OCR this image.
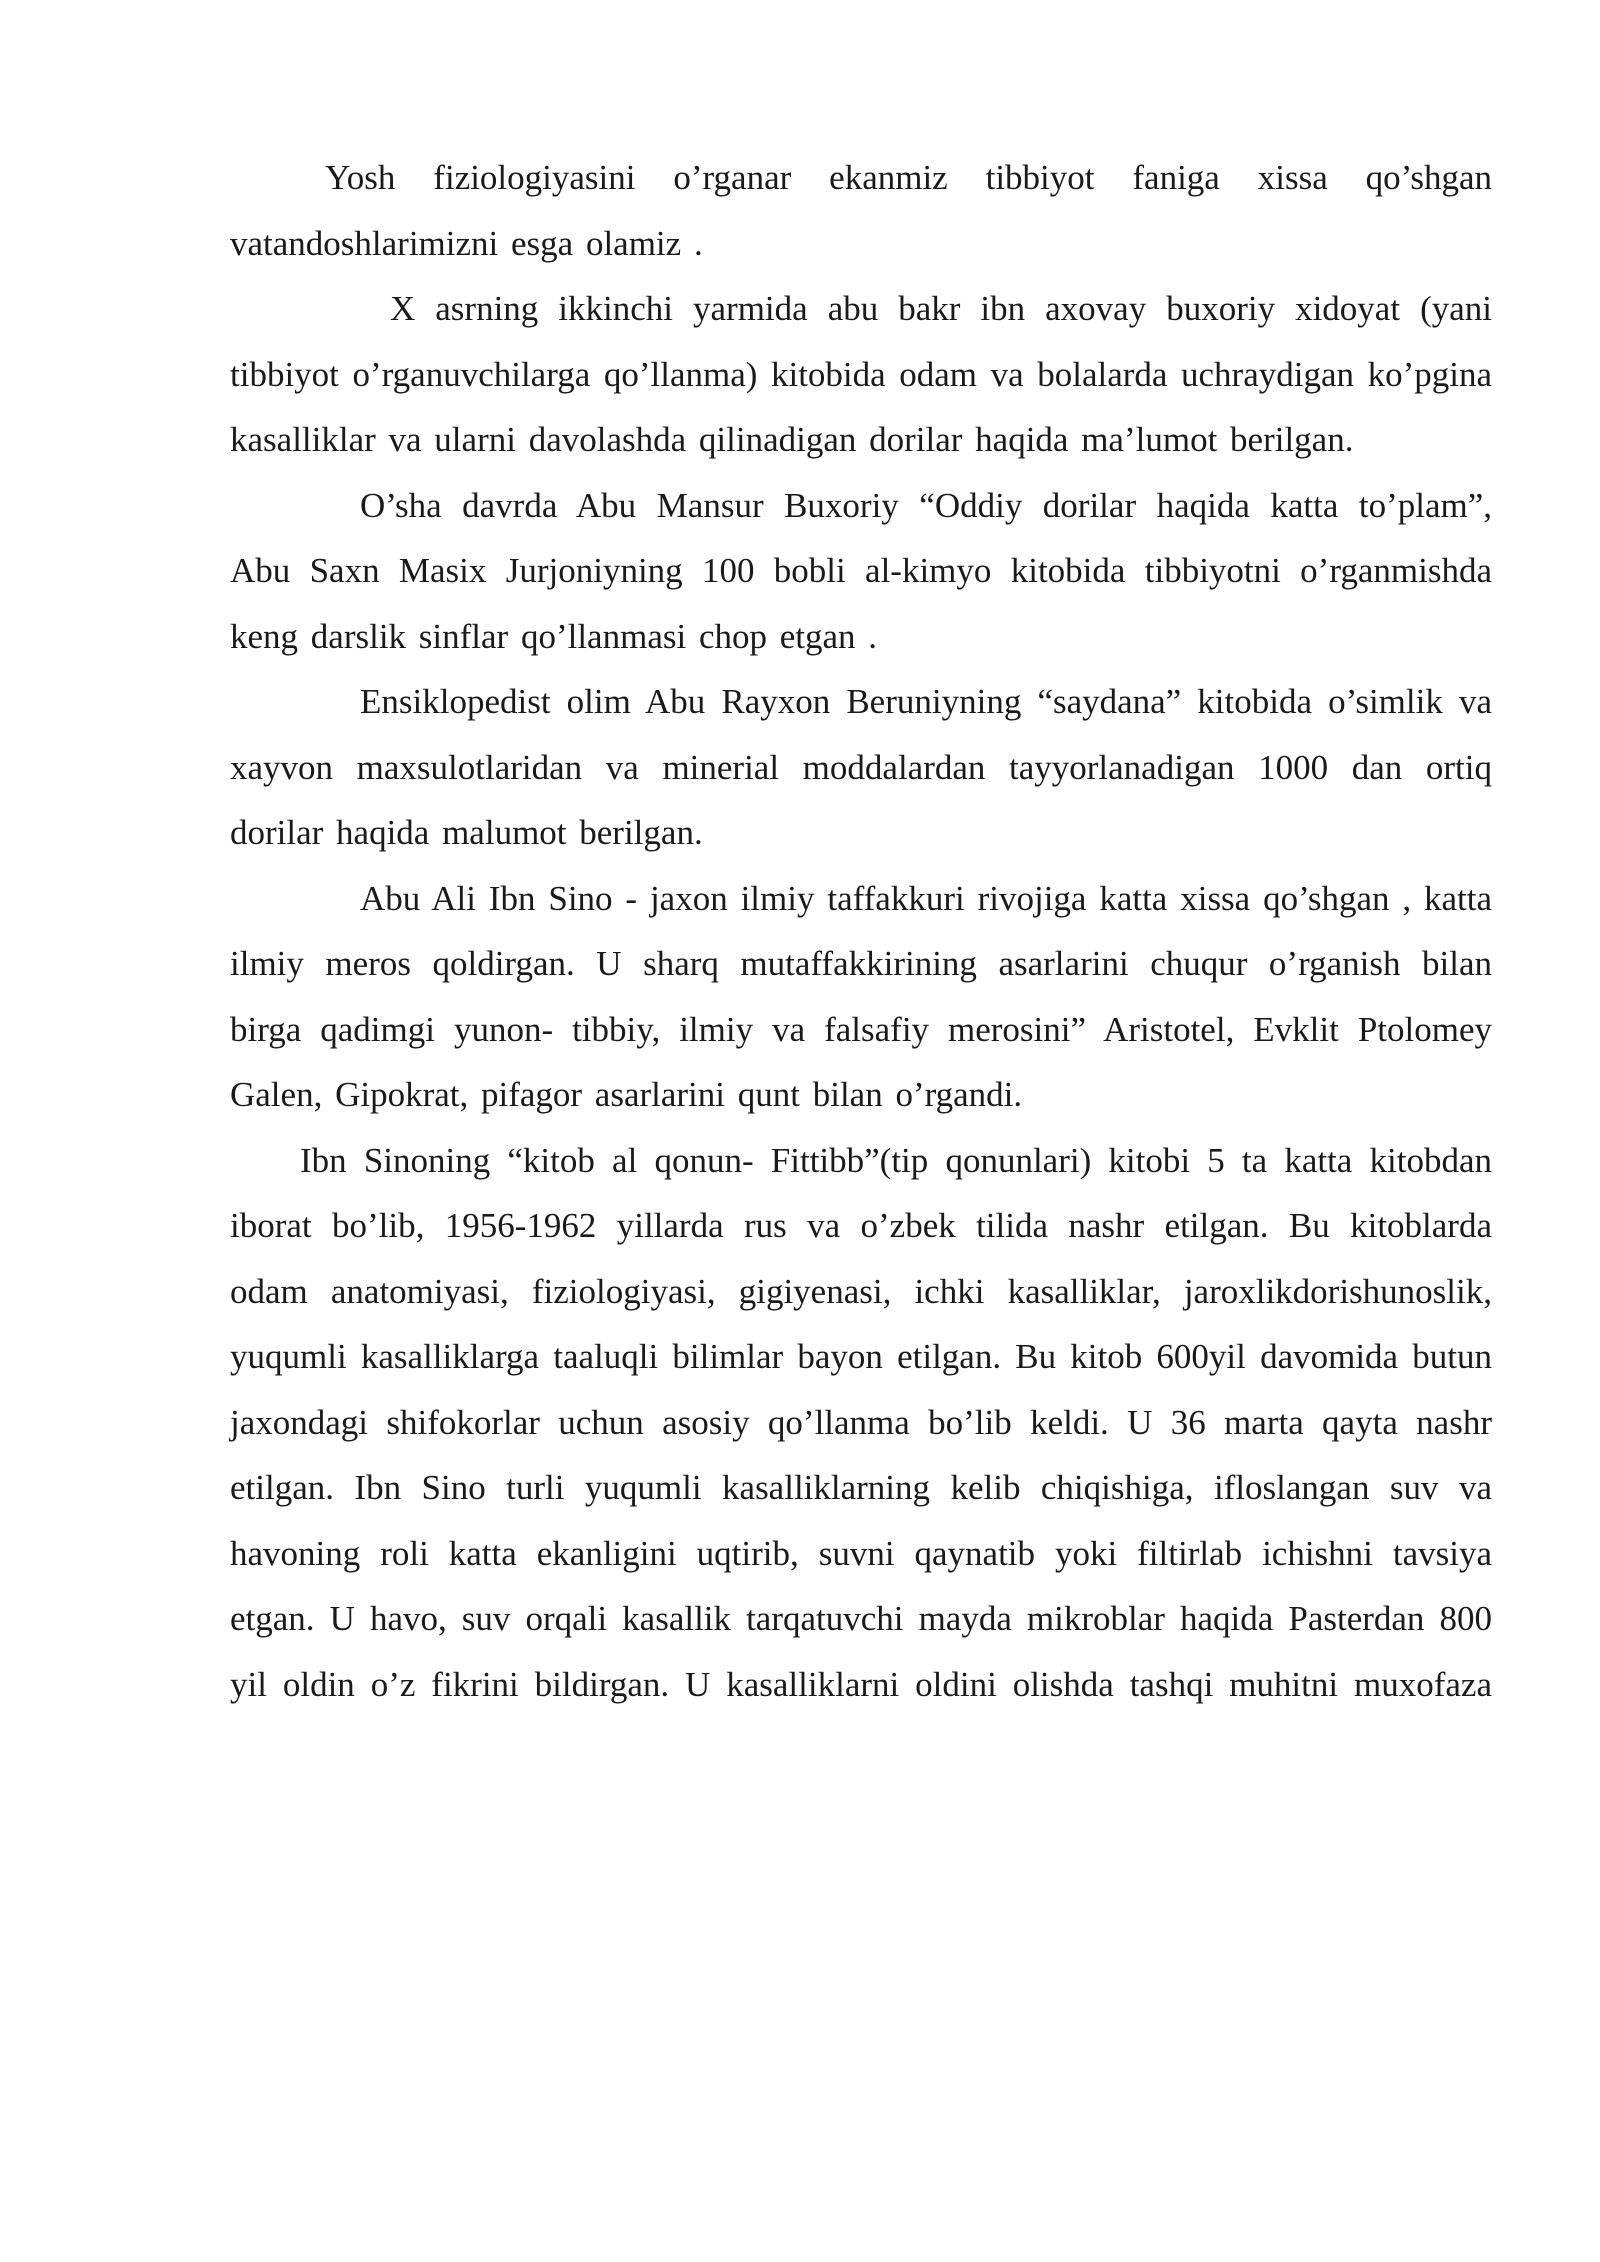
Yosh fiziologiyasini o’rganar ekanmiz tibbiyot faniga xissa qo’shgan vatandoshlarimizni esga olamiz .

X asrning ikkinchi yarmida abu bakr ibn axovay buxoriy xidoyat (yani tibbiyot o’rganuvchilarga qo’llanma) kitobida odam va bolalarda uchraydigan ko’pgina kasalliklar va ularni davolashda qilinadigan dorilar haqida ma’lumot berilgan.

O’sha davrda Abu Mansur Buxoriy “Oddiy dorilar haqida katta to’plam”, Abu Saxn Masix Jurjoniyning 100 bobli al-kimyo kitobida tibbiyotni o’rganmishda keng darslik sinflar qo’llanmasi chop etgan .

Ensiklopedist olim Abu Rayxon Beruniyning “saydana” kitobida o’simlik va xayvon maxsulotlaridan va minerial moddalardan tayyorlanadigan 1000 dan ortiq dorilar haqida malumot berilgan.

Abu Ali Ibn Sino - jaxon ilmiy taffakkuri rivojiga katta xissa qo’shgan , katta ilmiy meros qoldirgan. U sharq mutaffakkirining asarlarini chuqur o’rganish bilan birga qadimgi yunon- tibbiy, ilmiy va falsafiy merosini” Aristotel, Evklit Ptolomey Galen, Gipokrat, pifagor asarlarini qunt bilan o’rgandi.

Ibn Sinoning “kitob al qonun- Fittibb”(tip qonunlari) kitobi 5 ta katta kitobdan iborat bo’lib, 1956-1962 yillarda rus va o’zbek tilida nashr etilgan. Bu kitoblarda odam anatomiyasi, fiziologiyasi, gigiyenasi, ichki kasalliklar, jaroxlikdorishunoslik, yuqumli kasalliklarga taaluqli bilimlar bayon etilgan. Bu kitob 600yil davomida butun jaxondagi shifokorlar uchun asosiy qo’llanma bo’lib keldi. U 36 marta qayta nashr etilgan. Ibn Sino turli yuqumli kasalliklarning kelib chiqishiga, ifloslangan suv va havoning roli katta ekanligini uqtirib, suvni qaynatib yoki filtirlab ichishni tavsiya etgan. U havo, suv orqali kasallik tarqatuvchi mayda mikroblar haqida Pasterdan 800 yil oldin o’z fikrini bildirgan. U kasalliklarni oldini olishda tashqi muhitni muxofaza
